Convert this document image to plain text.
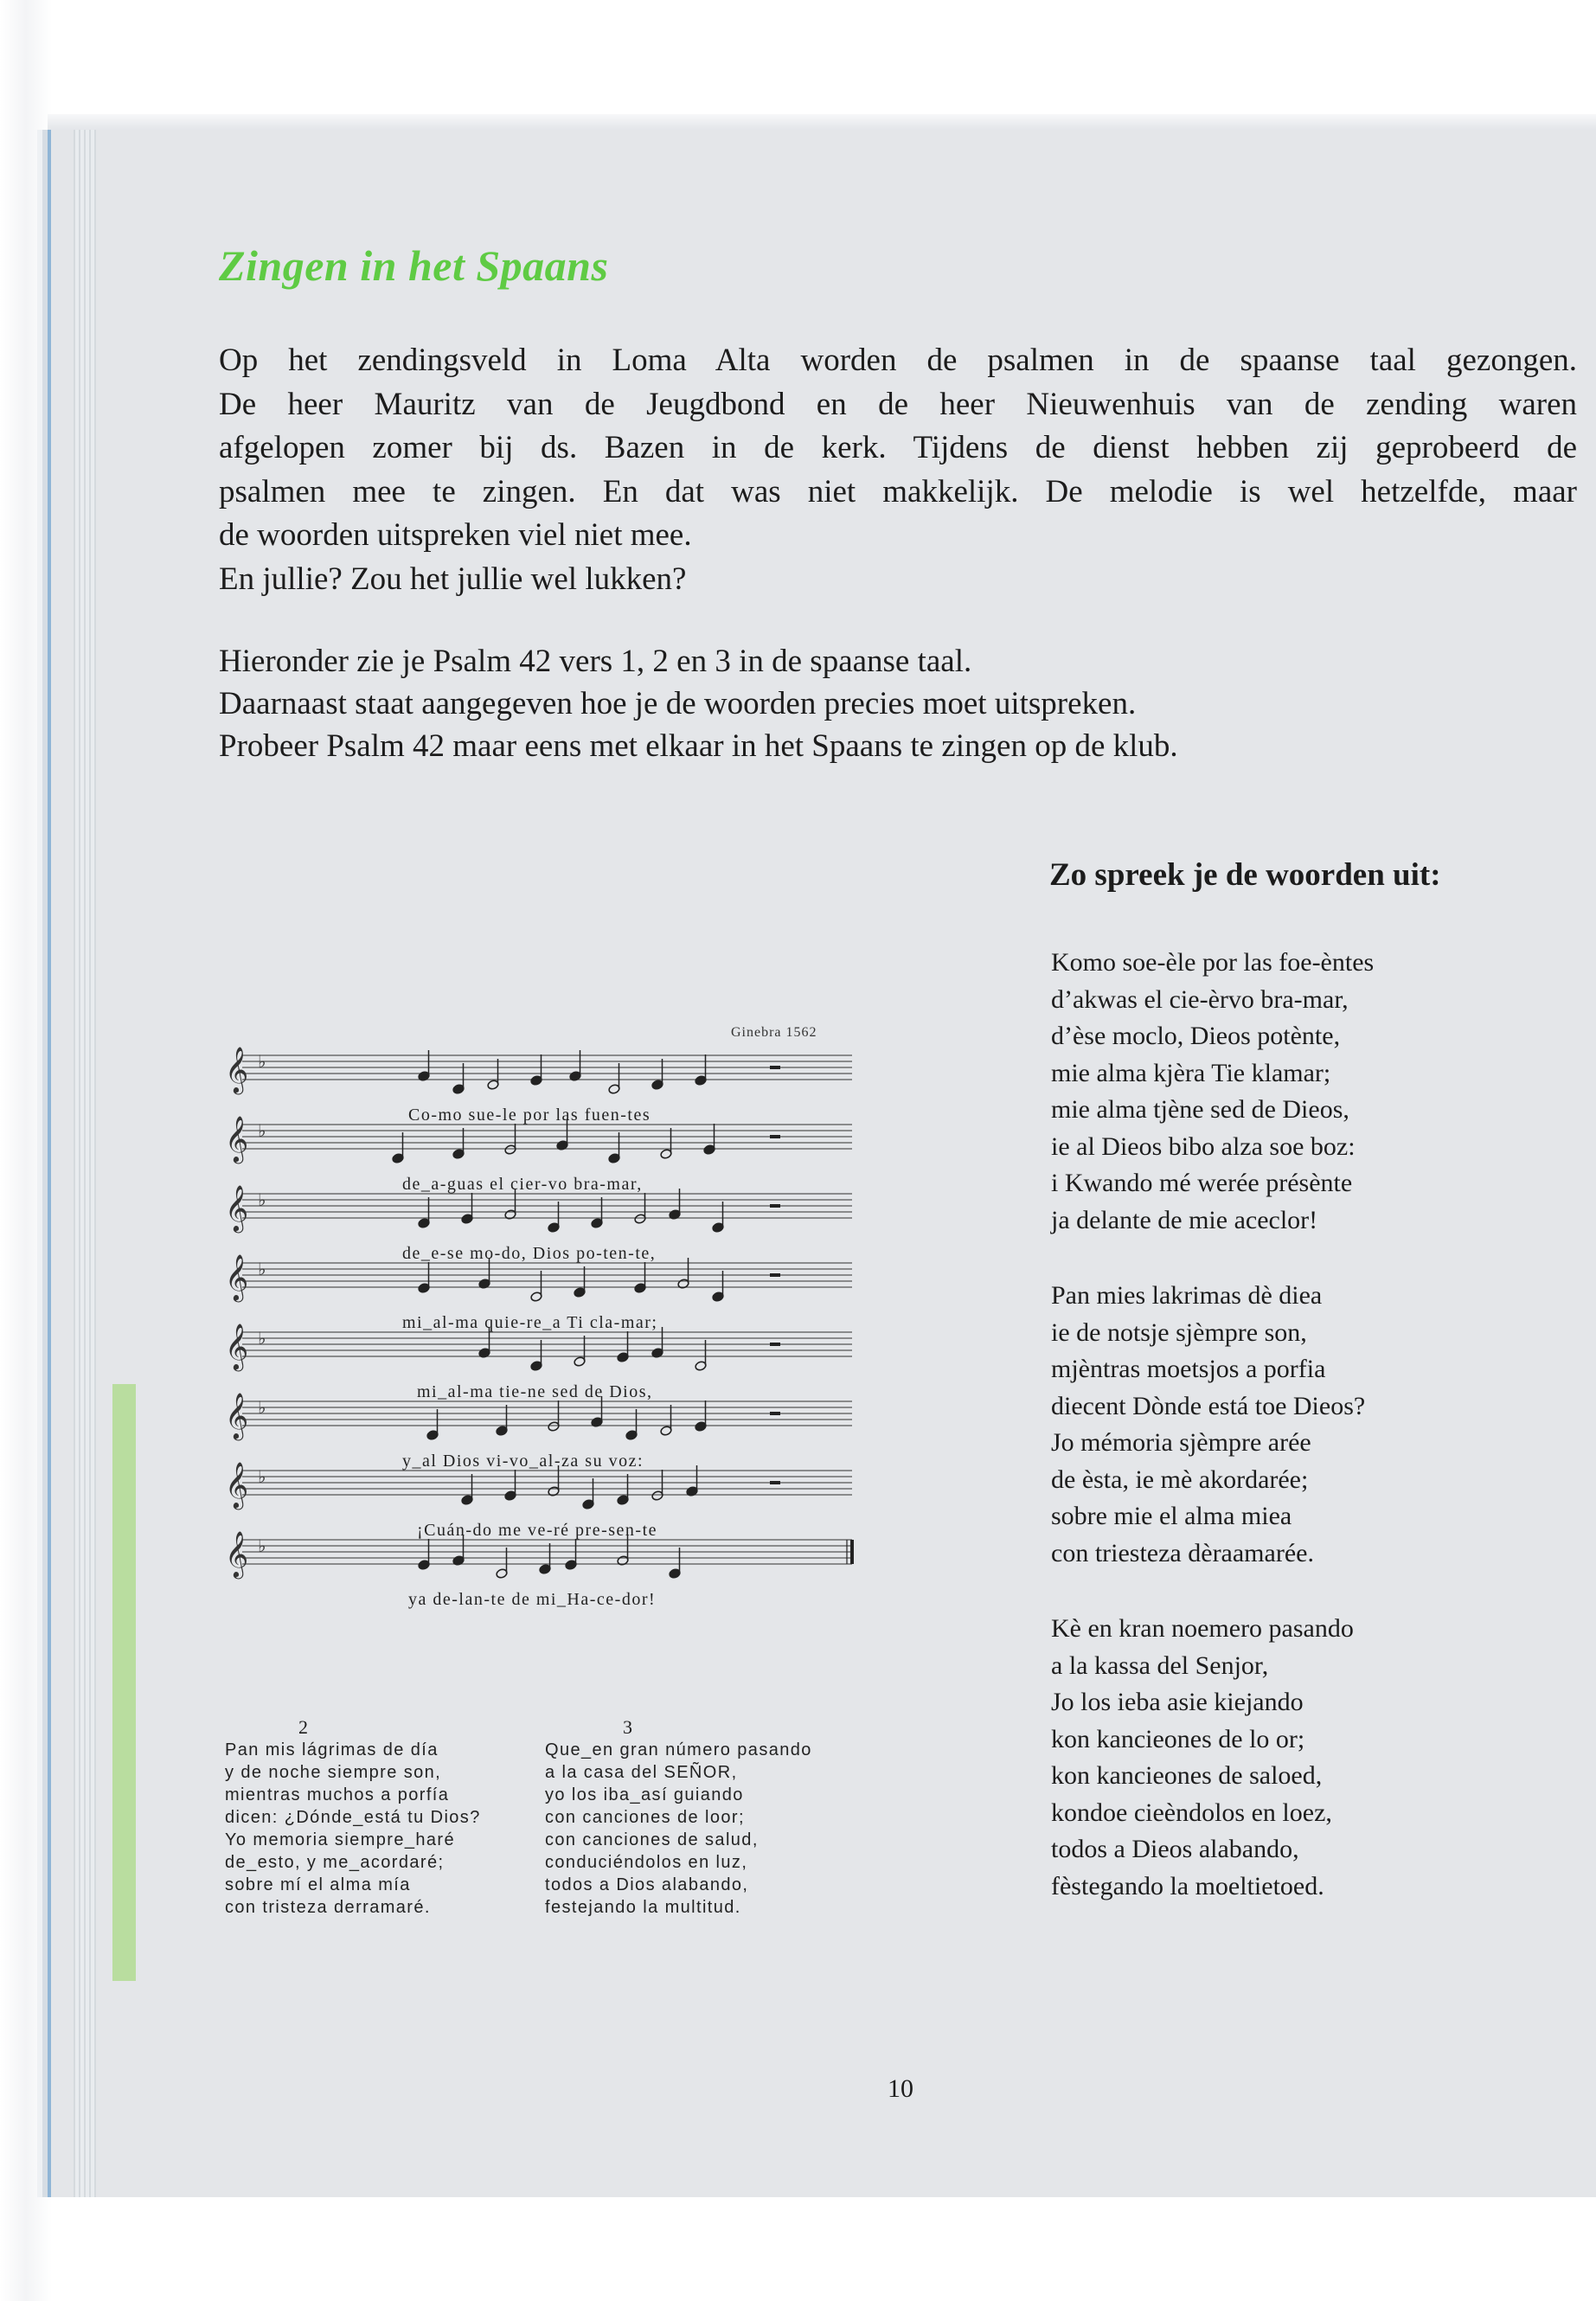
Zingen in het Spaans
Op het zendingsveld in Loma Alta worden de psalmen in de spaanse taal gezongen.
De heer Mauritz van de Jeugdbond en de heer Nieuwenhuis van de zending waren
afgelopen zomer bij ds. Bazen in de kerk. Tijdens de dienst hebben zij geprobeerd de
psalmen mee te zingen. En dat was niet makkelijk. De melodie is wel hetzelfde, maar
de woorden uitspreken viel niet mee.
En jullie? Zou het jullie wel lukken?
Hieronder zie je Psalm 42 vers 1, 2 en 3 in de spaanse taal.
Daarnaast staat aangegeven hoe je de woorden precies moet uitspreken.
Probeer Psalm 42 maar eens met elkaar in het Spaans te zingen op de klub.
Zo spreek je de woorden uit:
Komo soe-èle por las foe-èntes
d’akwas el cie-èrvo bra-mar,
d’èse moclo, Dieos potènte,
mie alma kjèra Tie klamar;
mie alma tjène sed de Dieos,
ie al Dieos bibo alza soe boz:
i Kwando mé werée présènte
ja delante de mie aceclor!
Pan mies lakrimas dè diea
ie de notsje sjèmpre son,
mjèntras moetsjos a porfia
diecent Dònde está toe Dieos?
Jo mémoria sjèmpre arée
de èsta, ie mè akordarée;
sobre mie el alma miea
con triesteza dèraamarée.
Kè en kran noemero pasando
a la kassa del Senjor,
Jo los ieba asie kiejando
kon kancieones de lo or;
kon kancieones de saloed,
kondoe cieèndolos en loez,
todos a Dieos alabando,
fèstegando la moeltietoed.
Ginebra 1562
𝄞 ♭
𝄞 ♭
𝄞 ♭
𝄞 ♭
𝄞 ♭
𝄞 ♭
𝄞 ♭
𝄞 ♭
Co-mo sue-le por las fuen-tes
de_a-guas el cier-vo bra-mar,
de_e-se mo-do, Dios po-ten-te,
mi_al-ma quie-re_a Ti cla-mar;
mi_al-ma tie-ne sed de Dios,
y_al Dios vi-vo_al-za su voz:
¡Cuán-do me ve-ré pre-sen-te
ya de-lan-te de mi_Ha-ce-dor!
2
Pan mis lágrimas de día
y de noche siempre son,
mientras muchos a porfía
dicen: ¿Dónde_está tu Dios?
Yo memoria siempre_haré
de_esto, y me_acordaré;
sobre mí el alma mía
con tristeza derramaré.
3
Que_en gran número pasando
a la casa del SEÑOR,
yo los iba_así guiando
con canciones de loor;
con canciones de salud,
conduciéndolos en luz,
todos a Dios alabando,
festejando la multitud.
10
